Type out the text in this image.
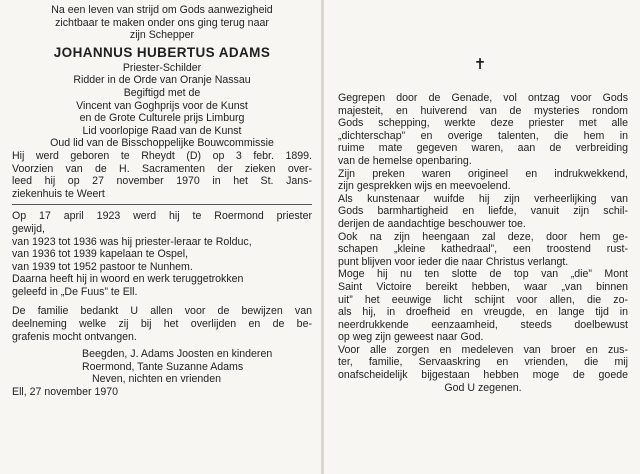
Na een leven van strijd om Gods aanwezigheid
zichtbaar te maken onder ons ging terug naar
zijn Schepper
JOHANNUS HUBERTUS ADAMS
Priester-Schilder
Ridder in de Orde van Oranje Nassau
Begiftigd met de
Vincent van Goghprijs voor de Kunst
en de Grote Culturele prijs Limburg
Lid voorlopige Raad van de Kunst
Oud lid van de Bisschoppelijke Bouwcommissie
Hij werd geboren te Rheydt (D) op 3 febr. 1899.
Voorzien van de H. Sacramenten der zieken over-
leed hij op 27 november 1970 in het St. Jans-
ziekenhuis te Weert
Op 17 april 1923 werd hij te Roermond priester
gewijd,
van 1923 tot 1936 was hij priester-leraar te Rolduc,
van 1936 tot 1939 kapelaan te Ospel,
van 1939 tot 1952 pastoor te Nunhem.
Daarna heeft hij in woord en werk teruggetrokken
geleefd in „De Fuus” te Ell.
De familie bedankt U allen voor de bewijzen van
deelneming welke zij bij het overlijden en de be-
grafenis mocht ontvangen.
Beegden, J. Adams Joosten en kinderen
Roermond, Tante Suzanne Adams
Neven, nichten en vrienden
Ell, 27 november 1970
✝
Gegrepen door de Genade, vol ontzag voor Gods
majesteit, en huiverend van de mysteries rondom
Gods schepping, werkte deze priester met alle
„dichterschap” en overige talenten, die hem in
ruime mate gegeven waren, aan de verbreiding
van de hemelse openbaring.
Zijn preken waren origineel en indrukwekkend,
zijn gesprekken wijs en meevoelend.
Als kunstenaar wuifde hij zijn verheerlijking van
Gods barmhartigheid en liefde, vanuit zijn schil-
derijen de aandachtige beschouwer toe.
Ook na zijn heengaan zal deze, door hem ge-
schapen „kleine kathedraal”, een troostend rust-
punt blijven voor ieder die naar Christus verlangt.
Moge hij nu ten slotte de top van „die” Mont
Saint Victoire bereikt hebben, waar „van binnen
uit” het eeuwige licht schijnt voor allen, die zo-
als hij, in droefheid en vreugde, en lange tijd in
neerdrukkende eenzaamheid, steeds doelbewust
op weg zijn geweest naar God.
Voor alle zorgen en medeleven van broer en zus-
ter, familie, Servaaskring en vrienden, die mij
onafscheidelijk bijgestaan hebben moge de goede
God U zegenen.
